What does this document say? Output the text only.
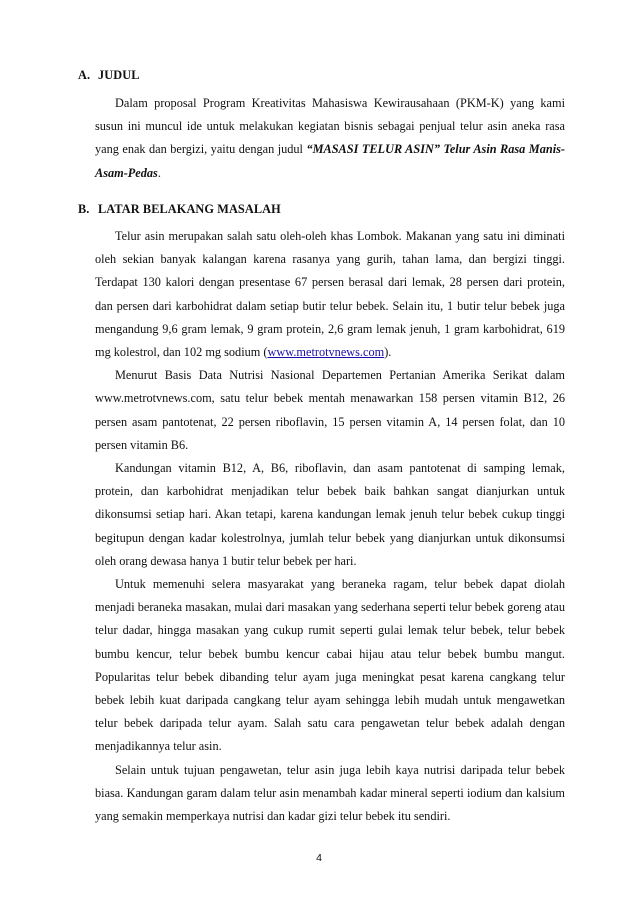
A. JUDUL

Dalam proposal Program Kreativitas Mahasiswa Kewirausahaan (PKM-K) yang kami susun ini muncul ide untuk melakukan kegiatan bisnis sebagai penjual telur asin aneka rasa yang enak dan bergizi, yaitu dengan judul “MASASI TELUR ASIN” Telur Asin Rasa Manis-Asam-Pedas.

B. LATAR BELAKANG MASALAH

Telur asin merupakan salah satu oleh-oleh khas Lombok. Makanan yang satu ini diminati oleh sekian banyak kalangan karena rasanya yang gurih, tahan lama, dan bergizi tinggi. Terdapat 130 kalori dengan presentase 67 persen berasal dari lemak, 28 persen dari protein, dan persen dari karbohidrat dalam setiap butir telur bebek. Selain itu, 1 butir telur bebek juga mengandung 9,6 gram lemak, 9 gram protein, 2,6 gram lemak jenuh, 1 gram karbohidrat, 619 mg kolestrol, dan 102 mg sodium (www.metrotvnews.com).

Menurut Basis Data Nutrisi Nasional Departemen Pertanian Amerika Serikat dalam www.metrotvnews.com, satu telur bebek mentah menawarkan 158 persen vitamin B12, 26 persen asam pantotenat, 22 persen riboflavin, 15 persen vitamin A, 14 persen folat, dan 10 persen vitamin B6.

Kandungan vitamin B12, A, B6, riboflavin, dan asam pantotenat di samping lemak, protein, dan karbohidrat menjadikan telur bebek baik bahkan sangat dianjurkan untuk dikonsumsi setiap hari. Akan tetapi, karena kandungan lemak jenuh telur bebek cukup tinggi begitupun dengan kadar kolestrolnya, jumlah telur bebek yang dianjurkan untuk dikonsumsi oleh orang dewasa hanya 1 butir telur bebek per hari.

Untuk memenuhi selera masyarakat yang beraneka ragam, telur bebek dapat diolah menjadi beraneka masakan, mulai dari masakan yang sederhana seperti telur bebek goreng atau telur dadar, hingga masakan yang cukup rumit seperti gulai lemak telur bebek, telur bebek bumbu kencur, telur bebek bumbu kencur cabai hijau atau telur bebek bumbu mangut. Popularitas telur bebek dibanding telur ayam juga meningkat pesat karena cangkang telur bebek lebih kuat daripada cangkang telur ayam sehingga lebih mudah untuk mengawetkan telur bebek daripada telur ayam. Salah satu cara pengawetan telur bebek adalah dengan menjadikannya telur asin.

Selain untuk tujuan pengawetan, telur asin juga lebih kaya nutrisi daripada telur bebek biasa. Kandungan garam dalam telur asin menambah kadar mineral seperti iodium dan kalsium yang semakin memperkaya nutrisi dan kadar gizi telur bebek itu sendiri.

4
